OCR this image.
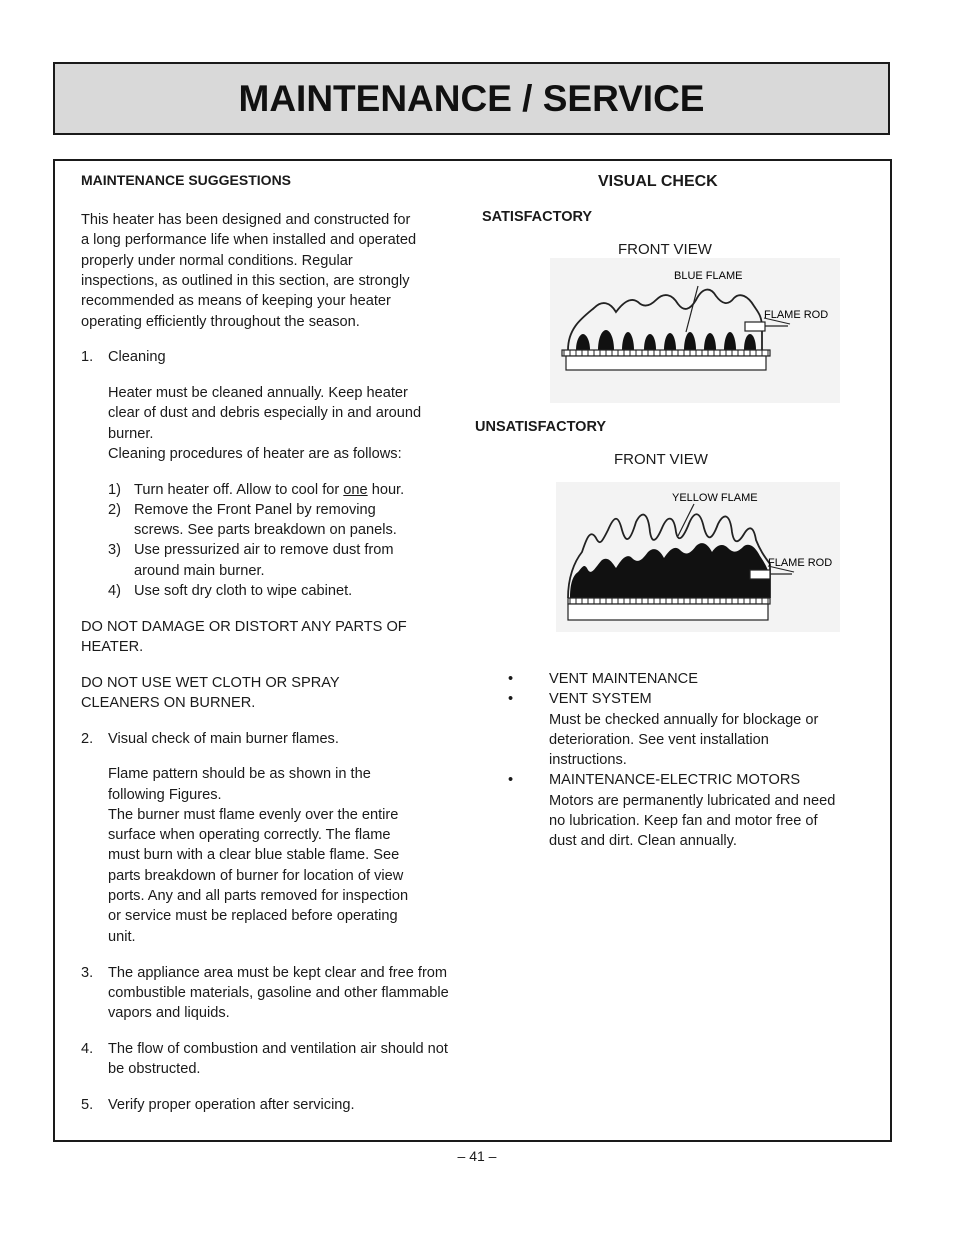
MAINTENANCE / SERVICE
MAINTENANCE SUGGESTIONS
This heater has been designed and constructed for
a long performance life when installed and operated
properly under normal conditions. Regular
inspections, as outlined in this section, are strongly
recommended as means of keeping your heater
operating efficiently throughout the season.
1. Cleaning
Heater must be cleaned annually. Keep heater
clear of dust and debris especially in and around
burner.
Cleaning procedures of heater are as follows:
1) Turn heater off. Allow to cool for one hour.
2) Remove the Front Panel by removing
screws. See parts breakdown on panels.
3) Use pressurized air to remove dust from
around main burner.
4) Use soft dry cloth to wipe cabinet.
DO NOT DAMAGE OR DISTORT ANY PARTS OF
HEATER.
DO NOT USE WET CLOTH OR SPRAY
CLEANERS ON BURNER.
2. Visual check of main burner flames.
Flame pattern should be as shown in the
following Figures.
The burner must flame evenly over the entire
surface when operating correctly. The flame
must burn with a clear blue stable flame. See
parts breakdown of burner for location of view
ports. Any and all parts removed for inspection
or service must be replaced before operating
unit.
3. The appliance area must be kept clear and free from
combustible materials, gasoline and other flammable
vapors and liquids.
4. The flow of combustion and ventilation air should not
be obstructed.
5. Verify proper operation after servicing.
VISUAL CHECK
SATISFACTORY
FRONT VIEW
BLUE FLAME
FLAME ROD
UNSATISFACTORY
FRONT VIEW
YELLOW FLAME
FLAME ROD
• VENT MAINTENANCE
• VENT SYSTEM
Must be checked annually for blockage or
deterioration. See vent installation
instructions.
• MAINTENANCE-ELECTRIC MOTORS
Motors are permanently lubricated and need
no lubrication. Keep fan and motor free of
dust and dirt. Clean annually.
– 41 –
